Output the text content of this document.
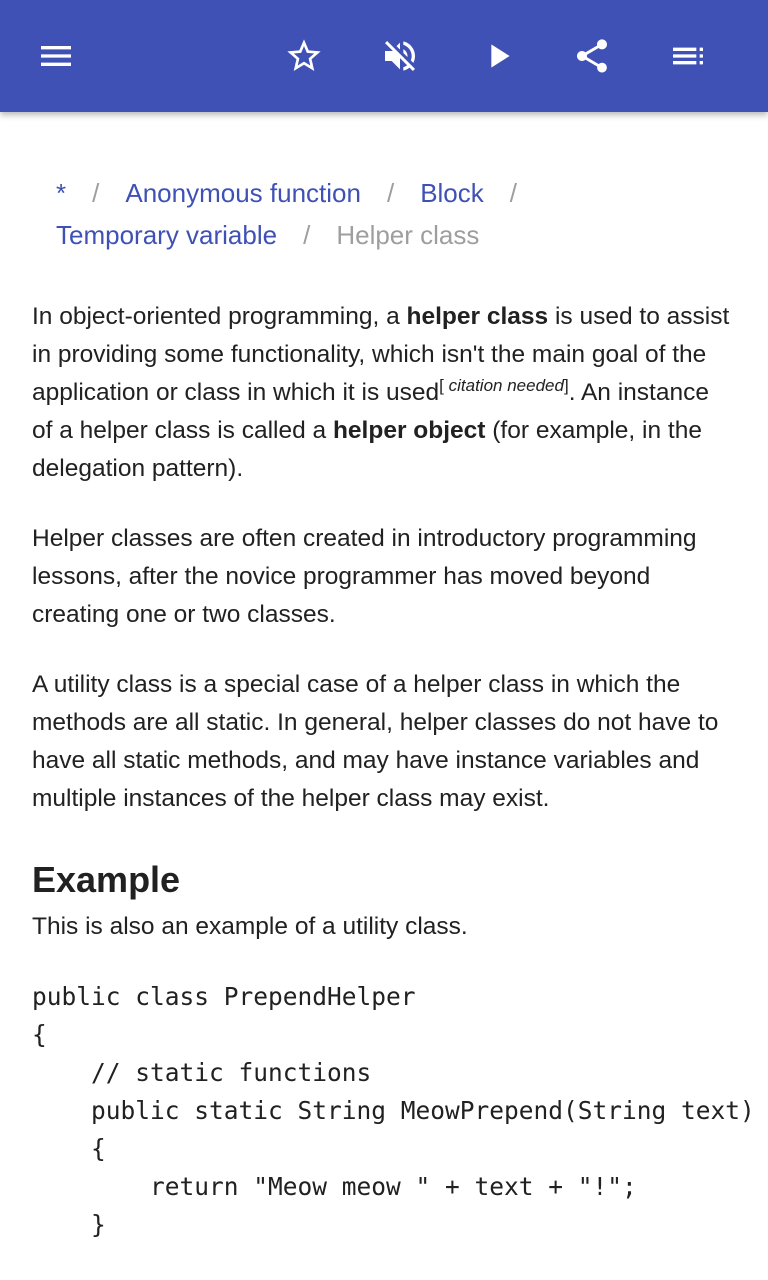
* / Anonymous function / Block /
Temporary variable / Helper class

In object-oriented programming, a helper class is used to assist in providing some functionality, which isn't the main goal of the application or class in which it is used[ citation needed]. An instance of a helper class is called a helper object (for example, in the delegation pattern).

Helper classes are often created in introductory programming lessons, after the novice programmer has moved beyond creating one or two classes.

A utility class is a special case of a helper class in which the methods are all static. In general, helper classes do not have to have all static methods, and may have instance variables and multiple instances of the helper class may exist.

Example

This is also an example of a utility class.

public class PrependHelper
{
// static functions
public static String MeowPrepend(String text)
{
return "Meow meow " + text + "!";
}
